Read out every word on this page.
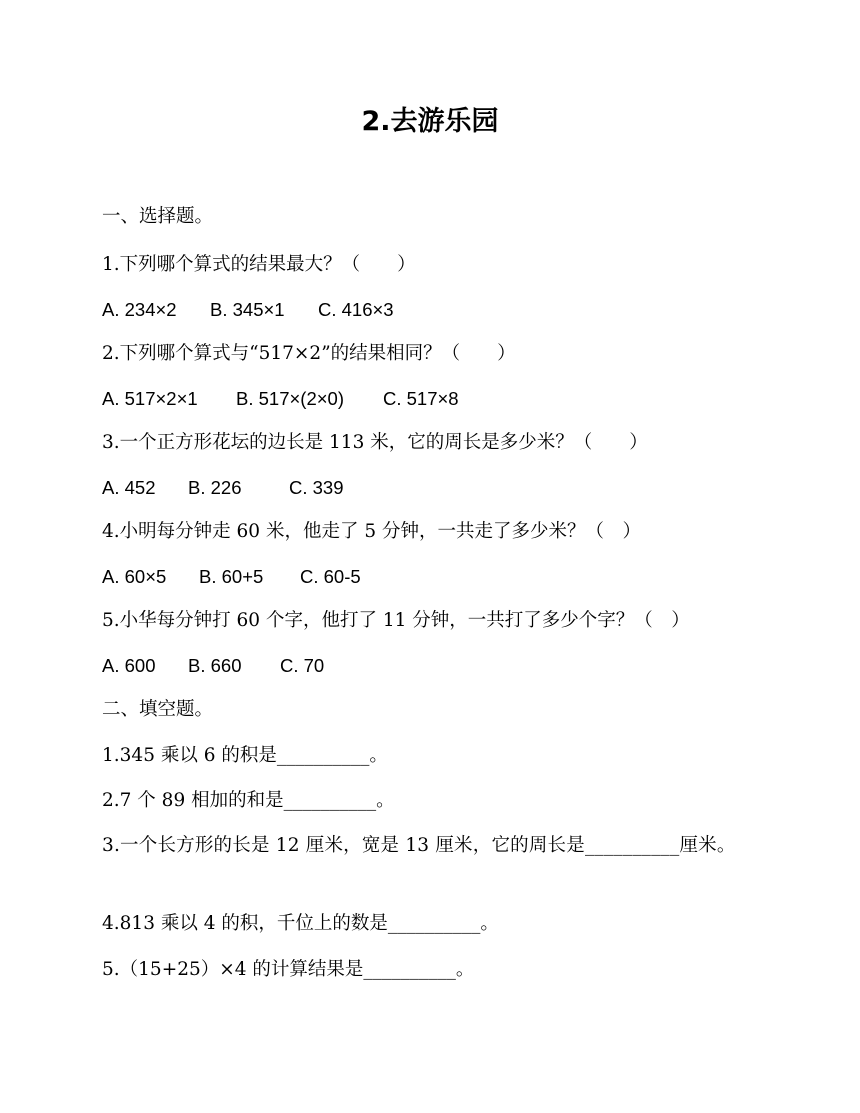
2.去游乐园

一、选择题。

1.下列哪个算式的结果最大？（　　）

A. 234×2 B. 345×1 C. 416×3

2.下列哪个算式与“517×2”的结果相同？（　　）

A. 517×2×1 B. 517×(2×0) C. 517×8

3.一个正方形花坛的边长是 113 米，它的周长是多少米？（　　）

A. 452 B. 226	C. 339

4.小明每分钟走 60 米，他走了 5 分钟，一共走了多少米？（　）

A. 60×5 B. 60+5 C. 60-5

5.小华每分钟打 60 个字，他打了 11 分钟，一共打了多少个字？（　）

A. 600 B. 660 C. 70

二、填空题。

1.345 乘以 6 的积是__________。

2.7 个 89 相加的和是__________。

3.一个长方形的长是 12 厘米，宽是 13 厘米，它的周长是__________厘米。

4.813 乘以 4 的积，千位上的数是__________。

5.（15+25）×4 的计算结果是__________。
